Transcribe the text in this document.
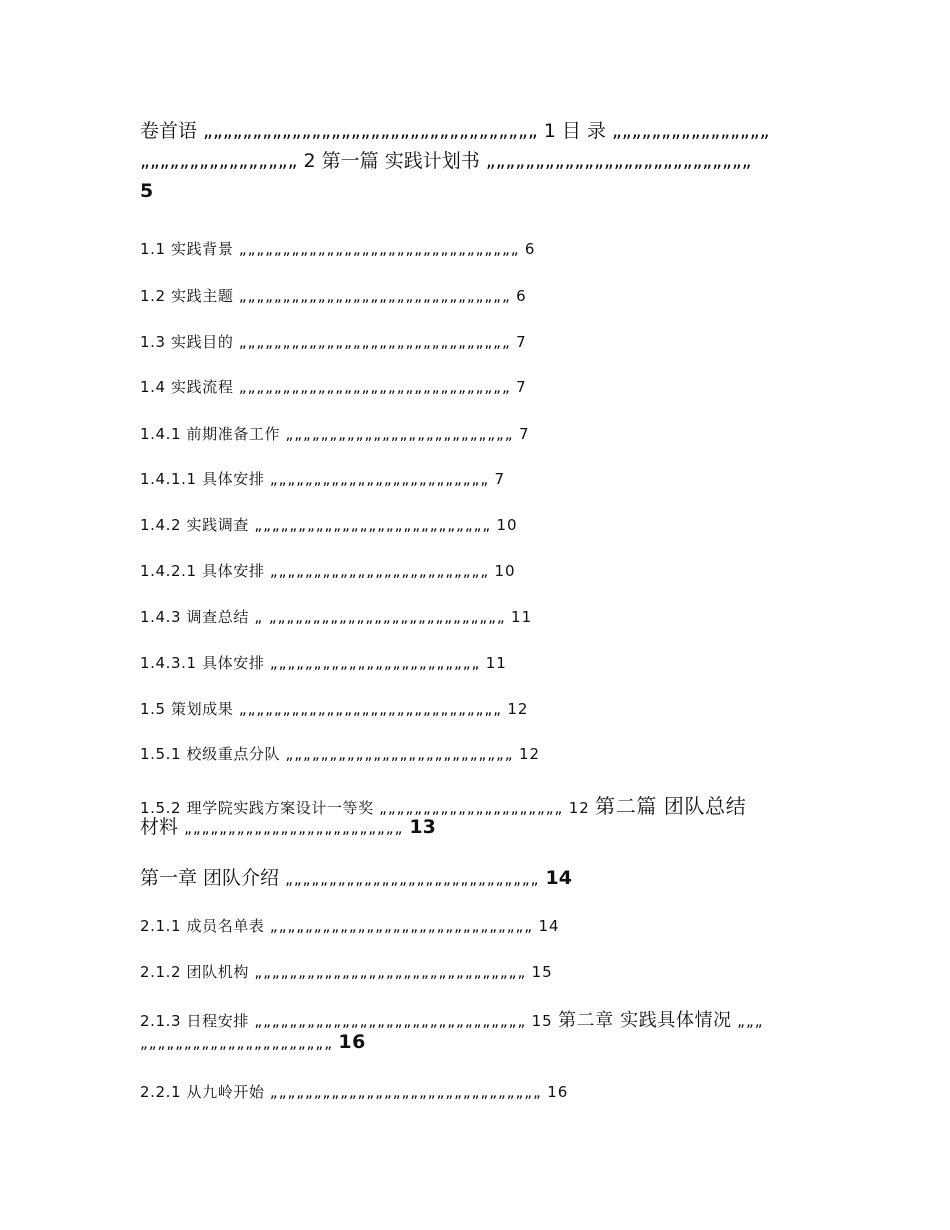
卷首语 „„„„„„„„„„„„„„„„„„„„„„„„„„„„„„„„„„ 1 目 录 „„„„„„„„„„„„„„„„
„„„„„„„„„„„„„„„„ 2 第一篇 实践计划书 „„„„„„„„„„„„„„„„„„„„„„„„„„„
5
1.1 实践背景 „„„„„„„„„„„„„„„„„„„„„„„„„„„„„„„„ 6
1.2 实践主题 „„„„„„„„„„„„„„„„„„„„„„„„„„„„„„„ 6
1.3 实践目的 „„„„„„„„„„„„„„„„„„„„„„„„„„„„„„„ 7
1.4 实践流程 „„„„„„„„„„„„„„„„„„„„„„„„„„„„„„„ 7
1.4.1 前期准备工作 „„„„„„„„„„„„„„„„„„„„„„„„„„ 7
1.4.1.1 具体安排 „„„„„„„„„„„„„„„„„„„„„„„„„ 7
1.4.2 实践调查 „„„„„„„„„„„„„„„„„„„„„„„„„„„ 10
1.4.2.1 具体安排 „„„„„„„„„„„„„„„„„„„„„„„„„ 10
1.4.3 调查总结 „ „„„„„„„„„„„„„„„„„„„„„„„„„„„ 11
1.4.3.1 具体安排 „„„„„„„„„„„„„„„„„„„„„„„„ 11
1.5 策划成果 „„„„„„„„„„„„„„„„„„„„„„„„„„„„„„ 12
1.5.1 校级重点分队 „„„„„„„„„„„„„„„„„„„„„„„„„„ 12
1.5.2 理学院实践方案设计一等奖 „„„„„„„„„„„„„„„„„„„„„ 12 第二篇 团队总结
材料 „„„„„„„„„„„„„„„„„„„„„„„„„ 13
第一章 团队介绍 „„„„„„„„„„„„„„„„„„„„„„„„„„„„„ 14
2.1.1 成员名单表 „„„„„„„„„„„„„„„„„„„„„„„„„„„„„„ 14
2.1.2 团队机构 „„„„„„„„„„„„„„„„„„„„„„„„„„„„„„„ 15
2.1.3 日程安排 „„„„„„„„„„„„„„„„„„„„„„„„„„„„„„„ 15 第二章 实践具体情况 „„„
„„„„„„„„„„„„„„„„„„„„„„ 16
2.2.1 从九岭开始 „„„„„„„„„„„„„„„„„„„„„„„„„„„„„„„ 16
